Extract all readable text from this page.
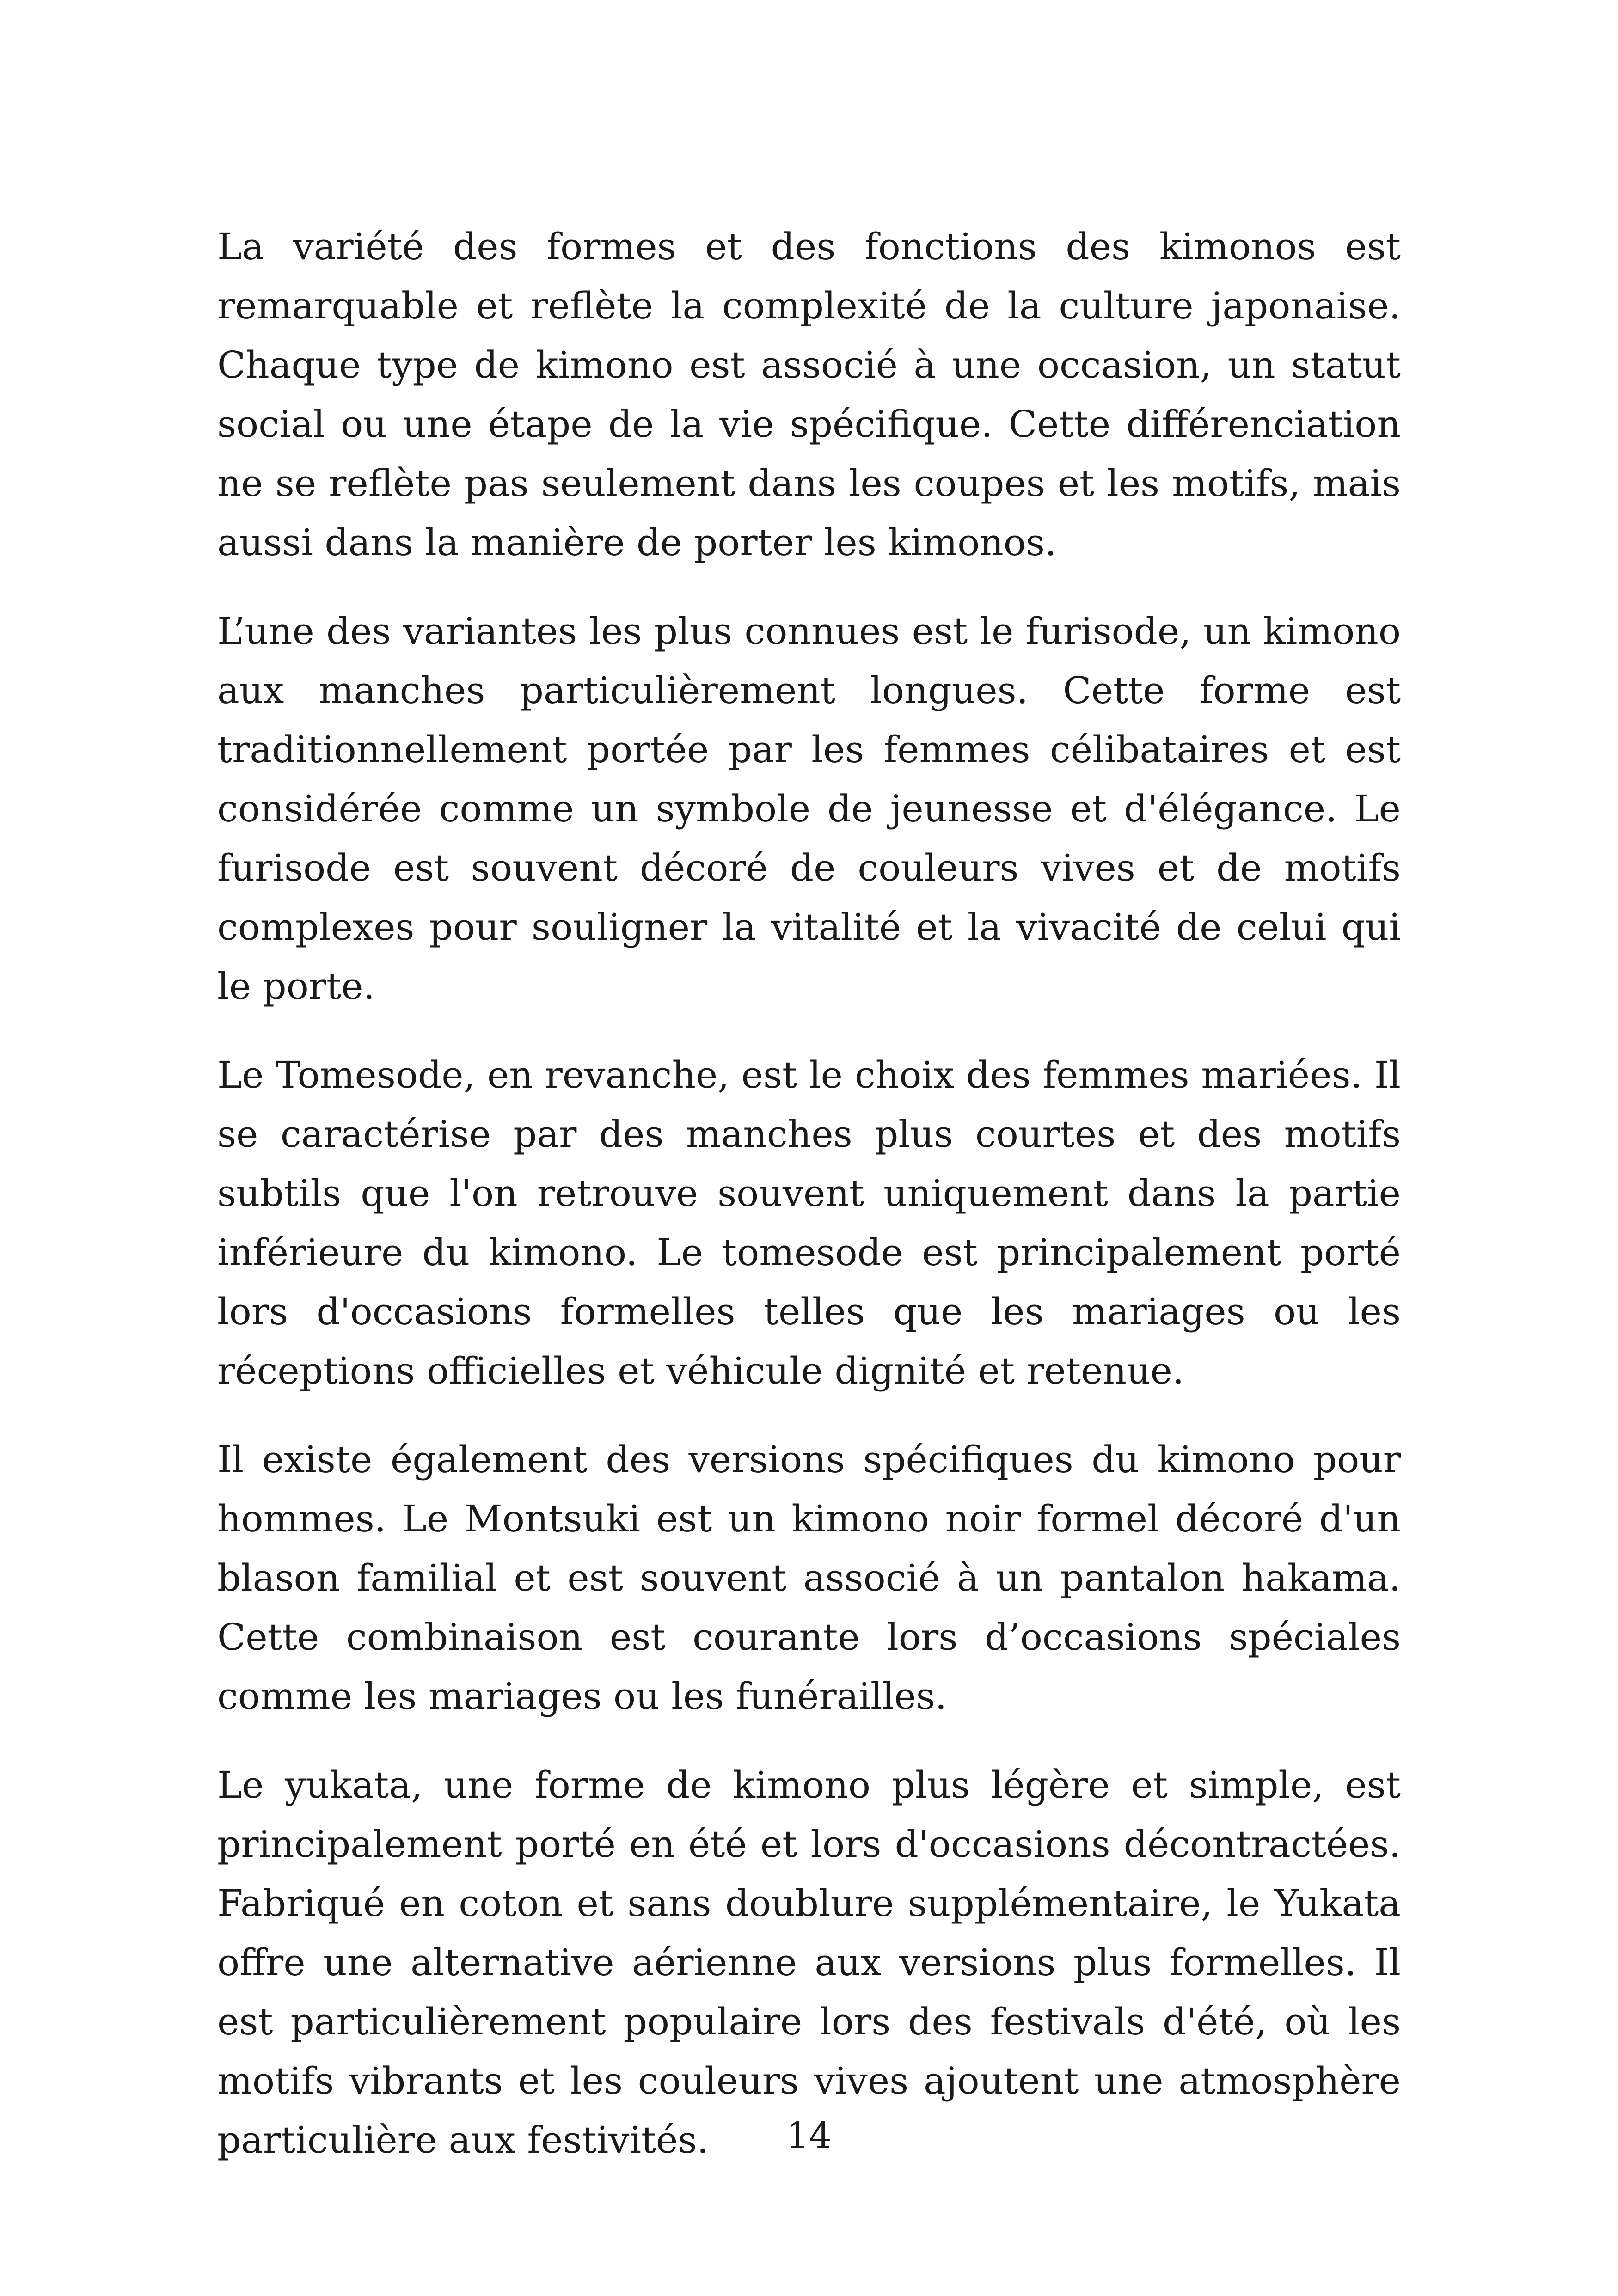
La variété des formes et des fonctions des kimonos est remarquable et reflète la complexité de la culture japonaise. Chaque type de kimono est associé à une occasion, un statut social ou une étape de la vie spécifique. Cette différenciation ne se reflète pas seulement dans les coupes et les motifs, mais aussi dans la manière de porter les kimonos.

L’une des variantes les plus connues est le furisode, un kimono aux manches particulièrement longues. Cette forme est traditionnellement portée par les femmes célibataires et est considérée comme un symbole de jeunesse et d'élégance. Le furisode est souvent décoré de couleurs vives et de motifs complexes pour souligner la vitalité et la vivacité de celui qui le porte.

Le Tomesode, en revanche, est le choix des femmes mariées. Il se caractérise par des manches plus courtes et des motifs subtils que l'on retrouve souvent uniquement dans la partie inférieure du kimono. Le tomesode est principalement porté lors d'occasions formelles telles que les mariages ou les réceptions officielles et véhicule dignité et retenue.

Il existe également des versions spécifiques du kimono pour hommes. Le Montsuki est un kimono noir formel décoré d'un blason familial et est souvent associé à un pantalon hakama. Cette combinaison est courante lors d’occasions spéciales comme les mariages ou les funérailles.

Le yukata, une forme de kimono plus légère et simple, est principalement porté en été et lors d'occasions décontractées. Fabriqué en coton et sans doublure supplémentaire, le Yukata offre une alternative aérienne aux versions plus formelles. Il est particulièrement populaire lors des festivals d'été, où les motifs vibrants et les couleurs vives ajoutent une atmosphère particulière aux festivités.	14
